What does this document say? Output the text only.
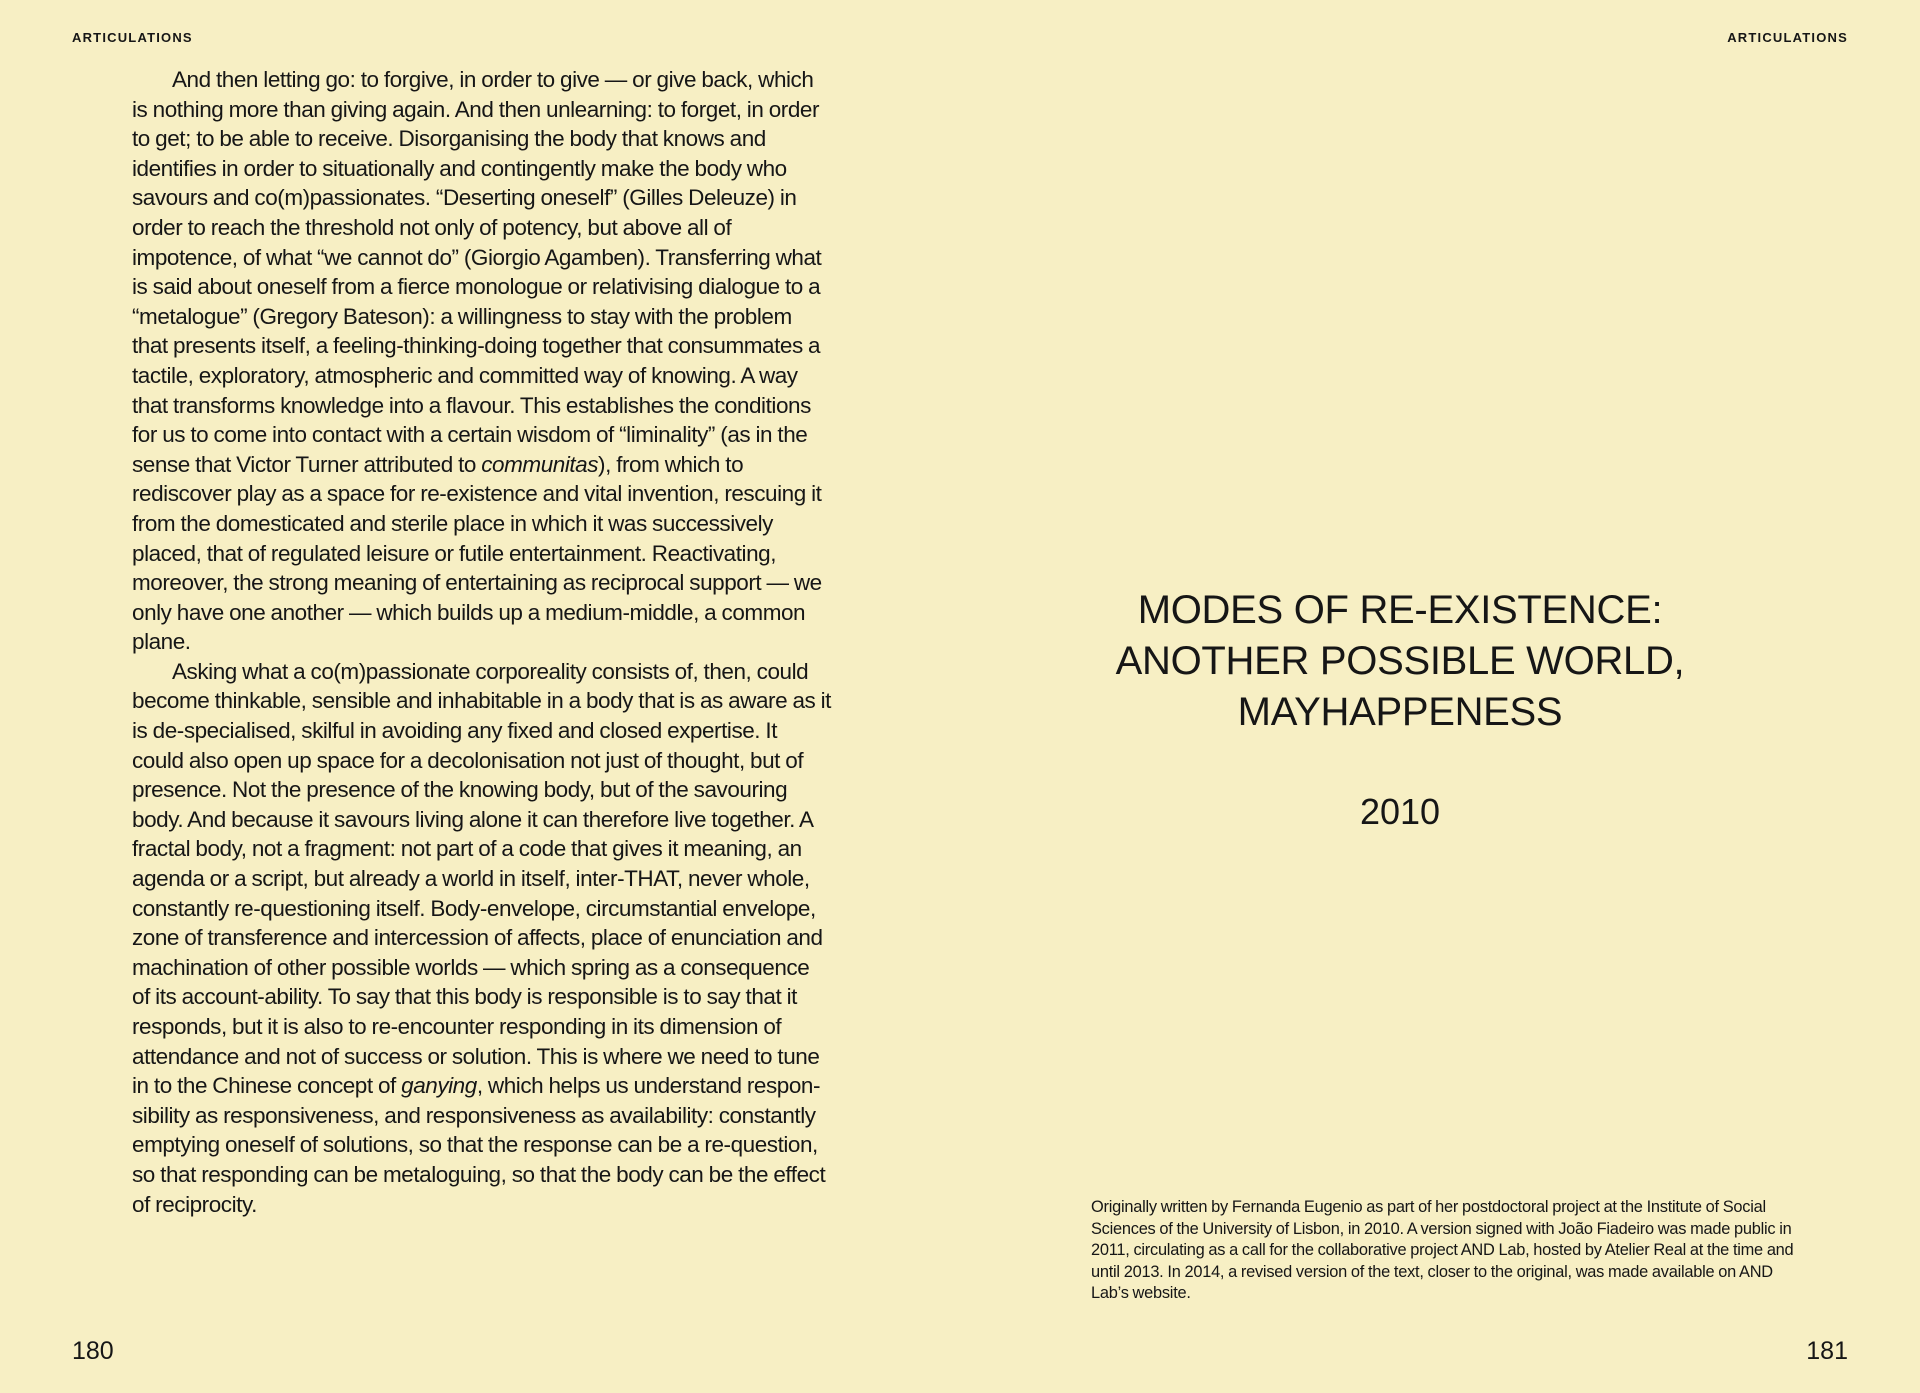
ARTICULATIONS

And then letting go: to forgive, in order to give — or give back, which is nothing more than giving again. And then unlearning: to forget, in order to get; to be able to receive. Disorganising the body that knows and identifies in order to situationally and contingently make the body who savours and co(m)passionates. “Deserting oneself” (Gilles Deleuze) in order to reach the threshold not only of potency, but above all of impotence, of what “we cannot do” (Giorgio Agamben). Transferring what is said about oneself from a fierce monologue or relativising dialogue to a “metalogue” (Gregory Bateson): a willingness to stay with the problem that presents itself, a feeling-thinking-doing together that consummates a tactile, exploratory, atmospheric and committed way of knowing. A way that transforms knowledge into a flavour. This establishes the conditions for us to come into contact with a certain wisdom of “liminality” (as in the sense that Victor Turner attributed to communitas), from which to rediscover play as a space for re-existence and vital invention, rescuing it from the domesticated and sterile place in which it was successively placed, that of regulated leisure or futile entertainment. Reactivating, moreover, the strong meaning of entertaining as reciprocal support — we only have one another — which builds up a medium-middle, a common plane.

Asking what a co(m)passionate corporeality consists of, then, could become thinkable, sensible and inhabitable in a body that is as aware as it is de-specialised, skilful in avoiding any fixed and closed expertise. It could also open up space for a decolonisation not just of thought, but of presence. Not the presence of the knowing body, but of the savouring body. And because it savours living alone it can therefore live together. A fractal body, not a fragment: not part of a code that gives it meaning, an agenda or a script, but already a world in itself, inter-THAT, never whole, constantly re-questioning itself. Body-envelope, circumstantial envelope, zone of transference and intercession of affects, place of enunciation and machination of other possible worlds — which spring as a consequence of its account-ability. To say that this body is responsible is to say that it responds, but it is also to re-encounter responding in its dimension of attendance and not of success or solution. This is where we need to tune in to the Chinese concept of ganying, which helps us understand respon-sibility as responsiveness, and responsiveness as availability: constantly emptying oneself of solutions, so that the response can be a re-question, so that responding can be metaloguing, so that the body can be the effect of reciprocity.

180
ARTICULATIONS
MODES OF RE-EXISTENCE:
ANOTHER POSSIBLE WORLD,
MAYHAPPENESS
2010
Originally written by Fernanda Eugenio as part of her postdoctoral project at the Institute of Social Sciences of the University of Lisbon, in 2010. A version signed with João Fiadeiro was made public in 2011, circulating as a call for the collaborative project AND Lab, hosted by Atelier Real at the time and until 2013. In 2014, a revised version of the text, closer to the original, was made available on AND Lab’s website.
181
